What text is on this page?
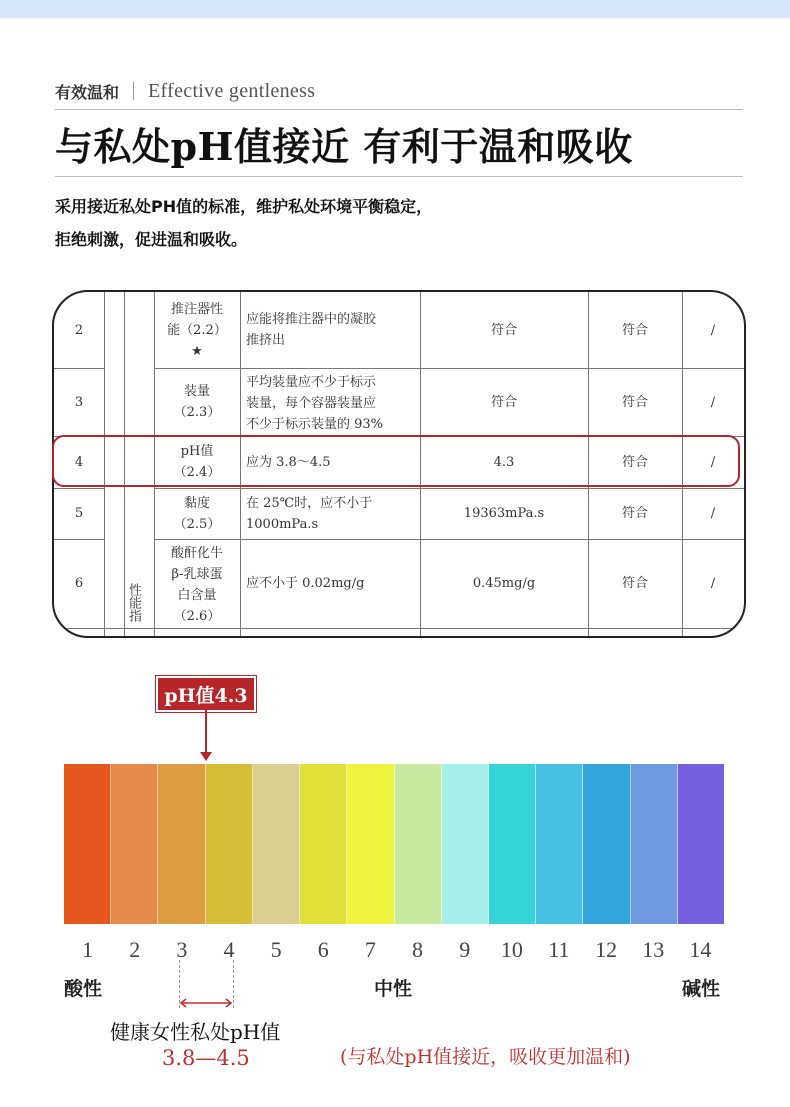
有效温和 Effective gentleness
与私处pH值接近 有利于温和吸收
采用接近私处PH值的标准，维护私处环境平衡稳定，
拒绝刺激，促进温和吸收。
2
推注器性
能（2.2）
★
应能将推注器中的凝胶
推挤出
符合	符合	/
3
装量
（2.3）
平均装量应不少于标示
装量，每个容器装量应
不少于标示装量的 93%
符合	符合	/
4
pH值
（2.4）
应为 3.8～4.5	4.3	符合	/
5
黏度
（2.5）
在 25℃时，应不小于
1000mPa.s
19363mPa.s	符合	/
6
酸酐化牛
β-乳球蛋
白含量
（2.6）
应不小于 0.02mg/g	0.45mg/g	符合	/
性能指
pH值4.3
1	2	3	4	5	6	7	8	9	10	11	12	13	14
酸性	中性	碱性
健康女性私处pH值
3.8—4.5	(与私处pH值接近，吸收更加温和)
